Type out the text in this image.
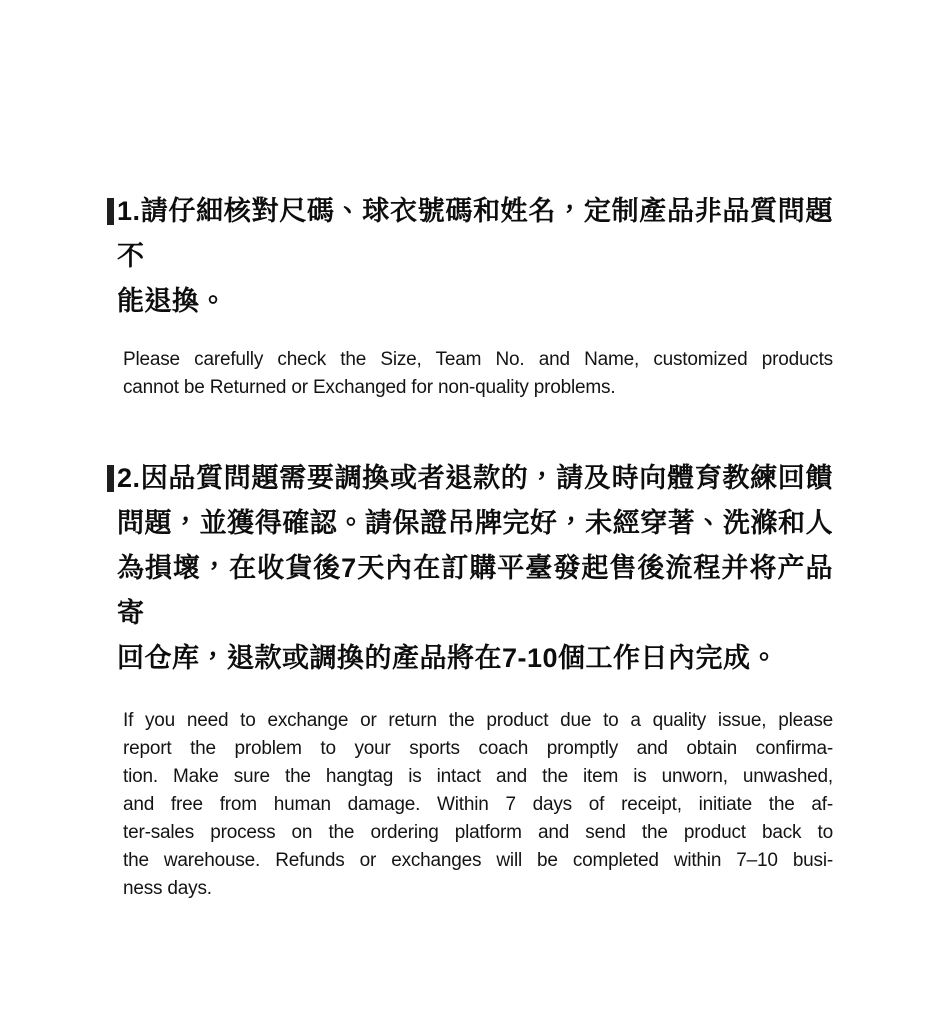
1.請仔細核對尺碼、球衣號碼和姓名，定制產品非品質問題不
能退換。

Please carefully check the Size, Team No. and Name, customized products
cannot be Returned or Exchanged for non-quality problems.

2.因品質問題需要調換或者退款的，請及時向體育教練回饋
問題，並獲得確認。請保證吊牌完好，未經穿著、洗滌和人
為損壞，在收貨後7天內在訂購平臺發起售後流程并将产品寄
回仓库，退款或調換的產品將在7-10個工作日內完成。

If you need to exchange or return the product due to a quality issue, please
report the problem to your sports coach promptly and obtain confirma-
tion. Make sure the hangtag is intact and the item is unworn, unwashed,
and free from human damage. Within 7 days of receipt, initiate the af-
ter-sales process on the ordering platform and send the product back to
the warehouse. Refunds or exchanges will be completed within 7–10 busi-
ness days.
